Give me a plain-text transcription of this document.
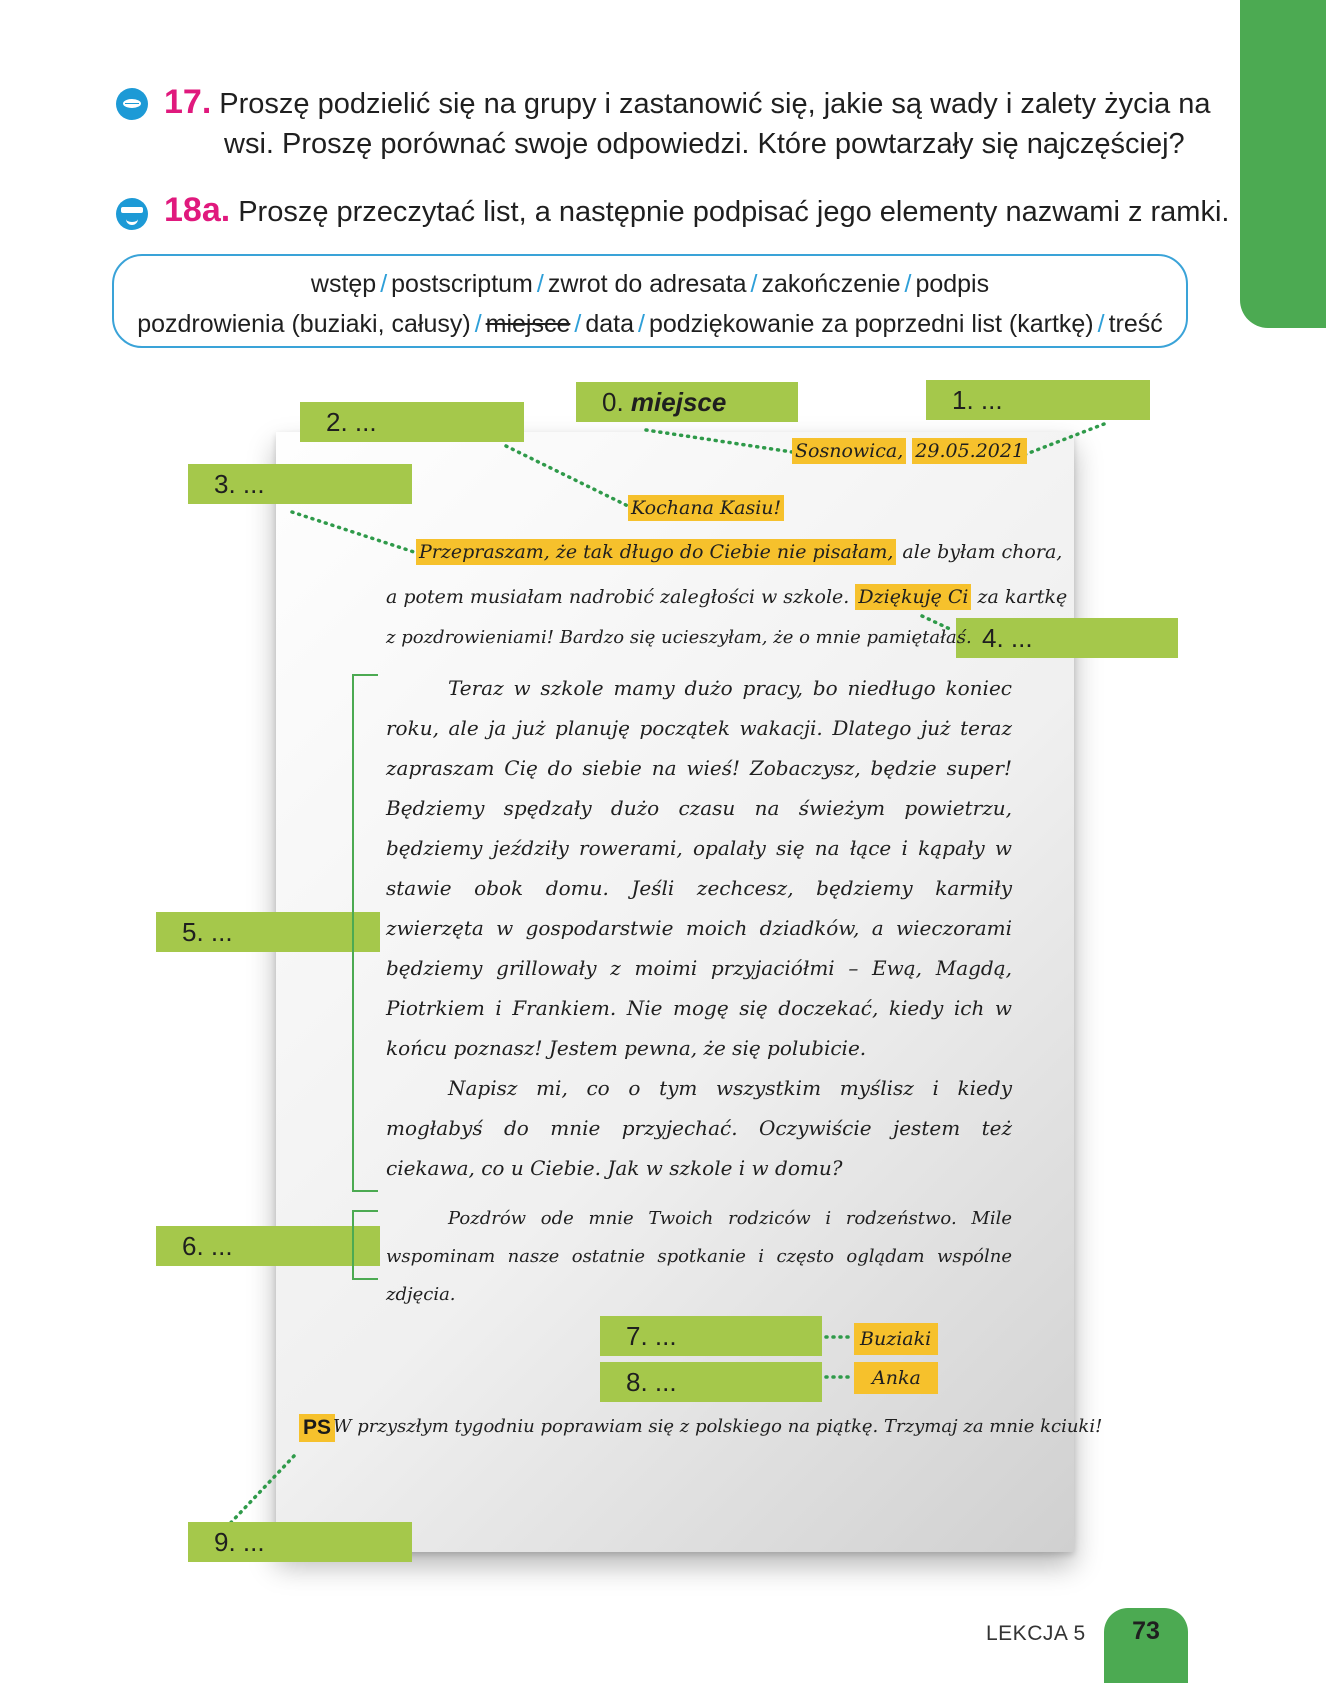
17. Proszę podzielić się na grupy i zastanowić się, jakie są wady i zalety życia na
wsi. Proszę porównać swoje odpowiedzi. Które powtarzały się najczęściej?
18a. Proszę przeczytać list, a następnie podpisać jego elementy nazwami z ramki.
wstęp / postscriptum / zwrot do adresata / zakończenie / podpis
pozdrowienia (buziaki, całusy) / miejsce / data / podziękowanie za poprzedni list (kartkę) / treść
0. miejsce	1. ...
2. ...
3. ...
4. ...
5. ...
6. ...
7. ...
8. ...
9. ...
Sosnowica, 29.05.2021
Kochana Kasiu!
Przepraszam, że tak długo do Ciebie nie pisałam, ale byłam chora,
a potem musiałam nadrobić zaległości w szkole. Dziękuję Ci za kartkę
z pozdrowieniami! Bardzo się ucieszyłam, że o mnie pamiętałaś.

Teraz w szkole mamy dużo pracy, bo niedługo koniec roku, ale ja już planuję początek wakacji. Dlatego już teraz zapraszam Cię do siebie na wieś! Zobaczysz, będzie super! Będziemy spędzały dużo czasu na świeżym powietrzu, będziemy jeździły rowerami, opalały się na łące i kąpały w stawie obok domu. Jeśli zechcesz, będziemy karmiły zwierzęta w gospodarstwie moich dziadków, a wieczorami będziemy grillowały z moimi przyjaciółmi – Ewą, Magdą, Piotrkiem i Frankiem. Nie mogę się doczekać, kiedy ich w końcu poznasz! Jestem pewna, że się polubicie.

Napisz mi, co o tym wszystkim myślisz i kiedy mogłabyś do mnie przyjechać. Oczywiście jestem też ciekawa, co u Ciebie. Jak w szkole i w domu?

Pozdrów ode mnie Twoich rodziców i rodzeństwo. Mile wspominam nasze ostatnie spotkanie i często oglądam wspólne zdjęcia.

Buziaki
Anka
PS W przyszłym tygodniu poprawiam się z polskiego na piątkę. Trzymaj za mnie kciuki!
LEKCJA 5	73
